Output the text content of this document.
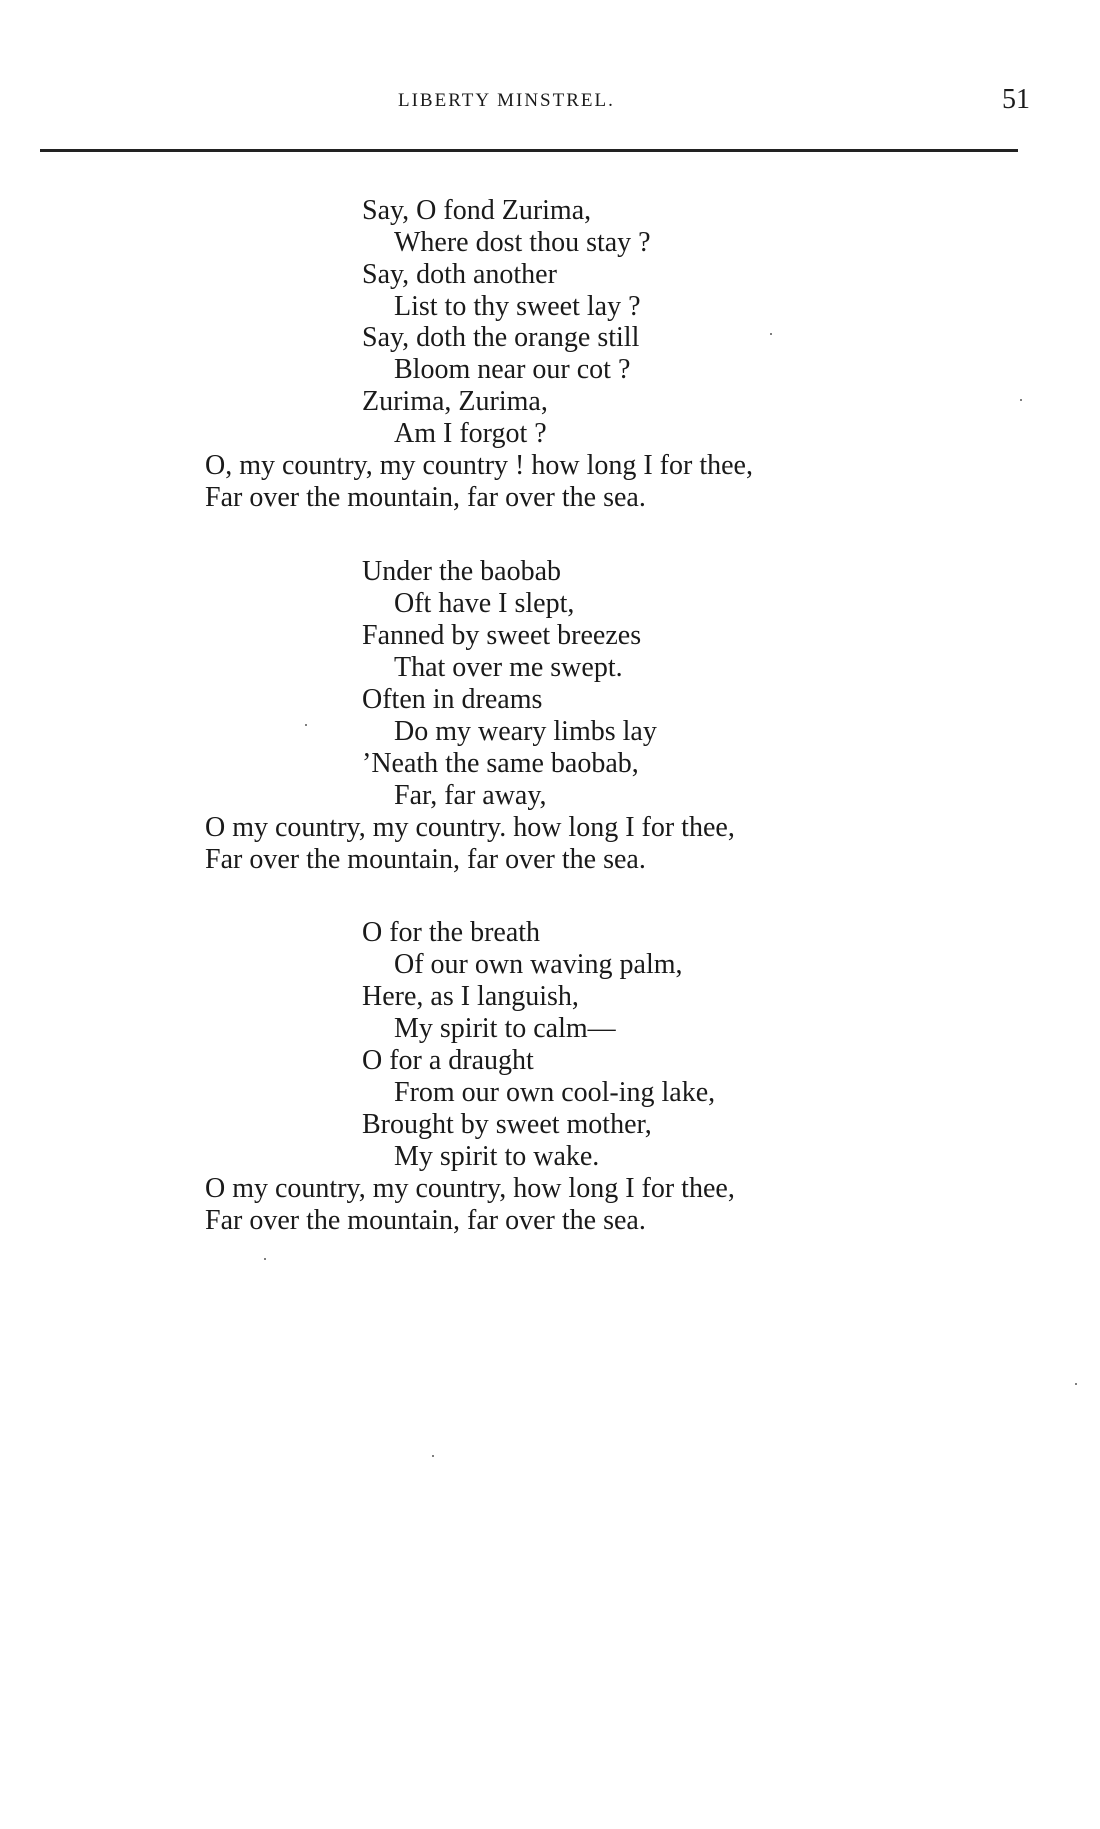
LIBERTY MINSTREL.	51
Say, O fond Zurima,
Where dost thou stay ?
Say, doth another
List to thy sweet lay ?
Say, doth the orange still
Bloom near our cot ?
Zurima, Zurima,
Am I forgot ?
O, my country, my country ! how long I for thee,
Far over the mountain, far over the sea.
Under the baobab
Oft have I slept,
Fanned by sweet breezes
That over me swept.
Often in dreams
Do my weary limbs lay
’Neath the same baobab,
Far, far away,
O my country, my country. how long I for thee,
Far over the mountain, far over the sea.
O for the breath
Of our own waving palm,
Here, as I languish,
My spirit to calm—
O for a draught
From our own cool-ing lake,
Brought by sweet mother,
My spirit to wake.
O my country, my country, how long I for thee,
Far over the mountain, far over the sea.
